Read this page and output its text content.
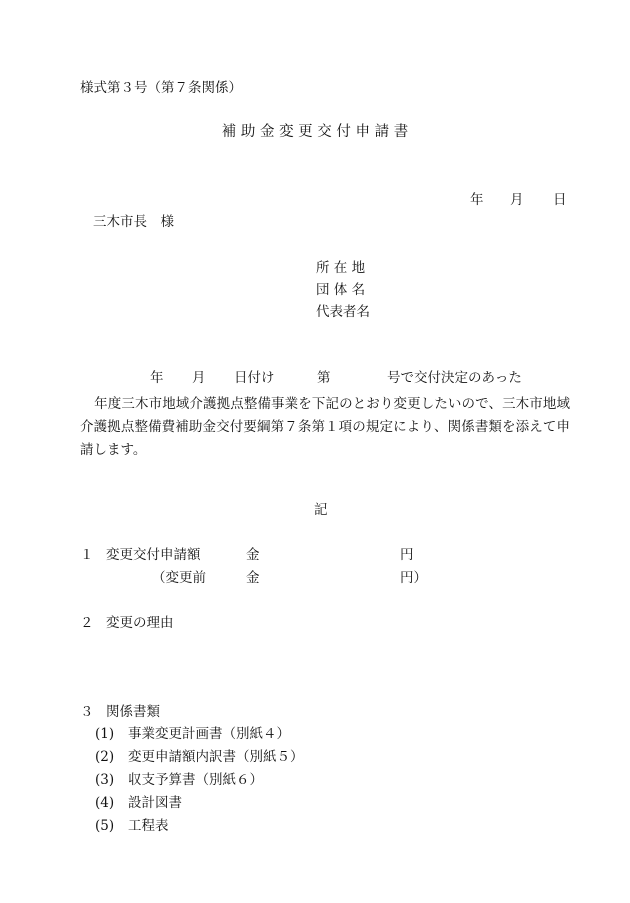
様式第３号（第７条関係）
補 助 金 変 更 交 付 申 請 書
年 月 日
三木市長　様
所 在 地
団 体 名
代表者名
年 月 日付け	第	号で交付決定のあった
年度三木市地域介護拠点整備事業を下記のとおり変更したいので、三木市地域介護拠点整備費補助金交付要綱第７条第１項の規定により、関係書類を添えて申請します。
記
１ 変更交付申請額	金	円
（変更前	金	円）
２ 変更の理由
３ 関係書類
(1) 事業変更計画書（別紙４）
(2) 変更申請額内訳書（別紙５）
(3) 収支予算書（別紙６）
(4) 設計図書
(5) 工程表
